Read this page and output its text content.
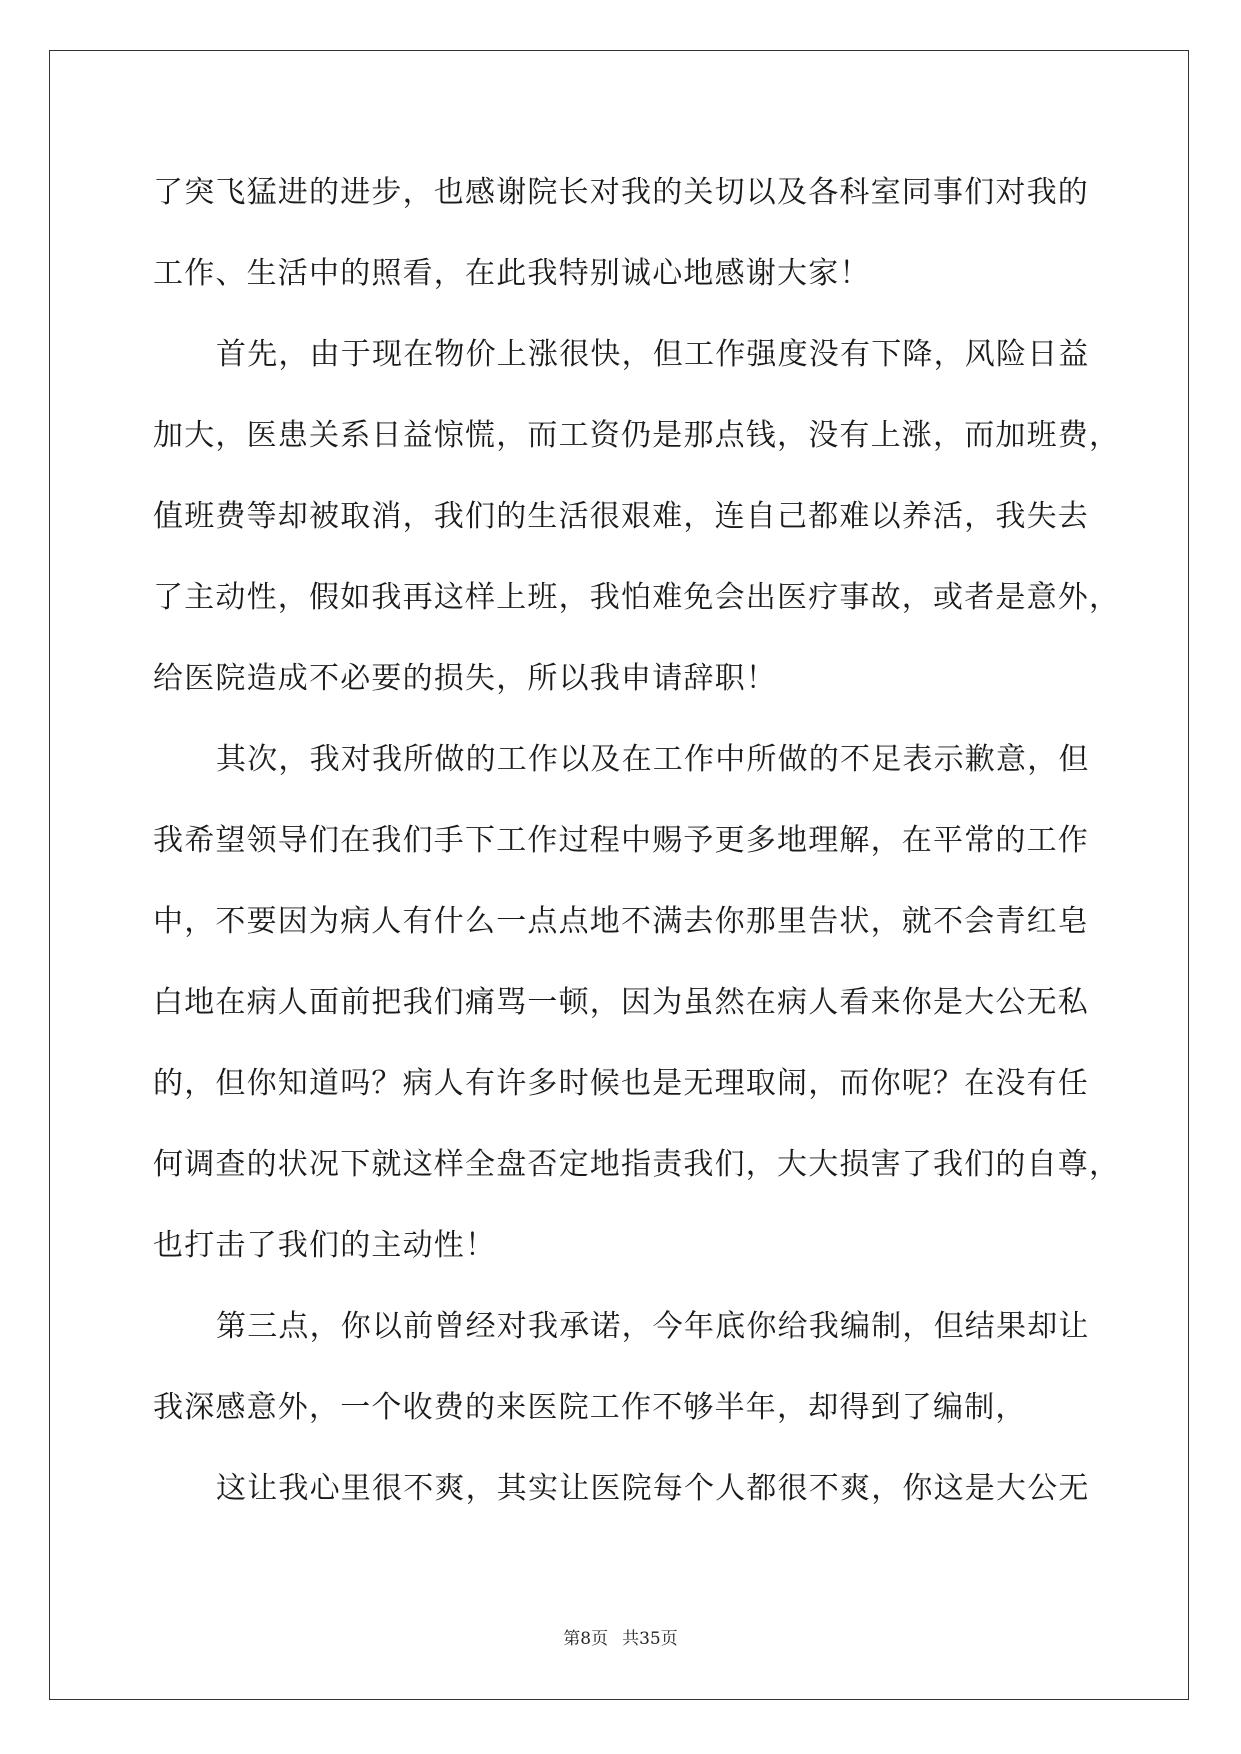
了突飞猛进的进步，也感谢院长对我的关切以及各科室同事们对我的
工作、生活中的照看，在此我特别诚心地感谢大家！
首先，由于现在物价上涨很快，但工作强度没有下降，风险日益
加大，医患关系日益惊慌，而工资仍是那点钱，没有上涨，而加班费，
值班费等却被取消，我们的生活很艰难，连自己都难以养活，我失去
了主动性，假如我再这样上班，我怕难免会出医疗事故，或者是意外，
给医院造成不必要的损失，所以我申请辞职！
其次，我对我所做的工作以及在工作中所做的不足表示歉意，但
我希望领导们在我们手下工作过程中赐予更多地理解，在平常的工作
中，不要因为病人有什么一点点地不满去你那里告状，就不会青红皂
白地在病人面前把我们痛骂一顿，因为虽然在病人看来你是大公无私
的，但你知道吗？病人有许多时候也是无理取闹，而你呢？在没有任
何调查的状况下就这样全盘否定地指责我们，大大损害了我们的自尊，
也打击了我们的主动性！
第三点，你以前曾经对我承诺，今年底你给我编制，但结果却让
我深感意外，一个收费的来医院工作不够半年，却得到了编制，
这让我心里很不爽，其实让医院每个人都很不爽，你这是大公无
第8页 共35页
